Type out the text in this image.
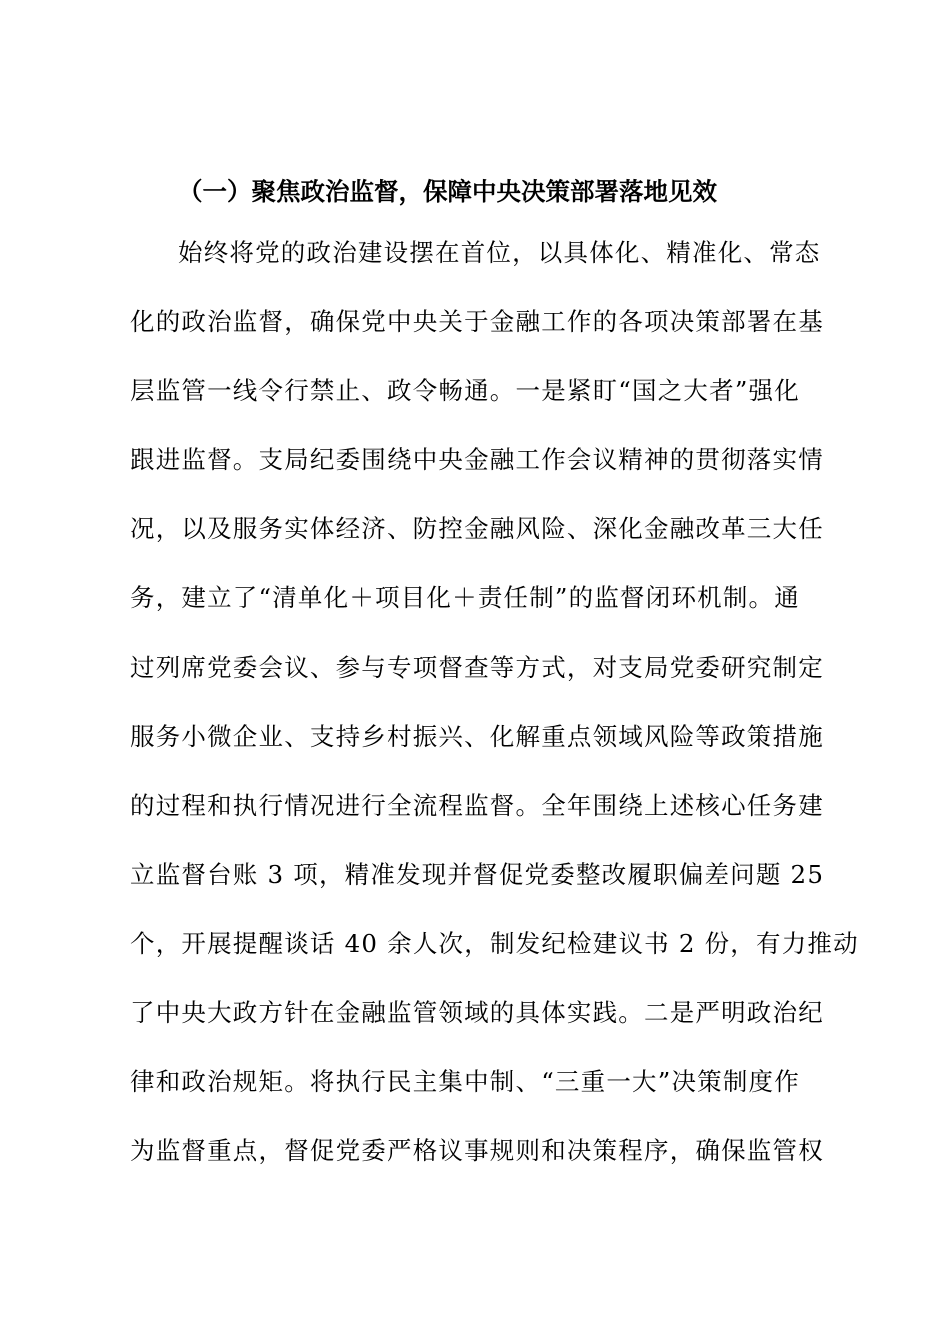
（一）聚焦政治监督，保障中央决策部署落地见效
始终将党的政治建设摆在首位，以具体化、精准化、常态
化的政治监督，确保党中央关于金融工作的各项决策部署在基
层监管一线令行禁止、政令畅通。一是紧盯“国之大者”强化
跟进监督。支局纪委围绕中央金融工作会议精神的贯彻落实情
况，以及服务实体经济、防控金融风险、深化金融改革三大任
务，建立了“清单化＋项目化＋责任制”的监督闭环机制。通
过列席党委会议、参与专项督查等方式，对支局党委研究制定
服务小微企业、支持乡村振兴、化解重点领域风险等政策措施
的过程和执行情况进行全流程监督。全年围绕上述核心任务建
立监督台账 3 项，精准发现并督促党委整改履职偏差问题 25
个，开展提醒谈话 40 余人次，制发纪检建议书 2 份，有力推动
了中央大政方针在金融监管领域的具体实践。二是严明政治纪
律和政治规矩。将执行民主集中制、“三重一大”决策制度作
为监督重点，督促党委严格议事规则和决策程序，确保监管权
